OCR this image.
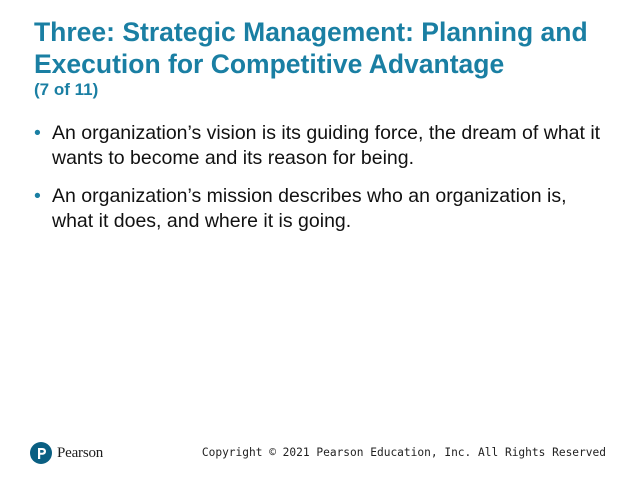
Three: Strategic Management: Planning and Execution for Competitive Advantage
(7 of 11)
• An organization’s vision is its guiding force, the dream of what it wants to become and its reason for being.
• An organization’s mission describes who an organization is, what it does, and where it is going.
Pearson	Copyright © 2021 Pearson Education, Inc. All Rights Reserved
